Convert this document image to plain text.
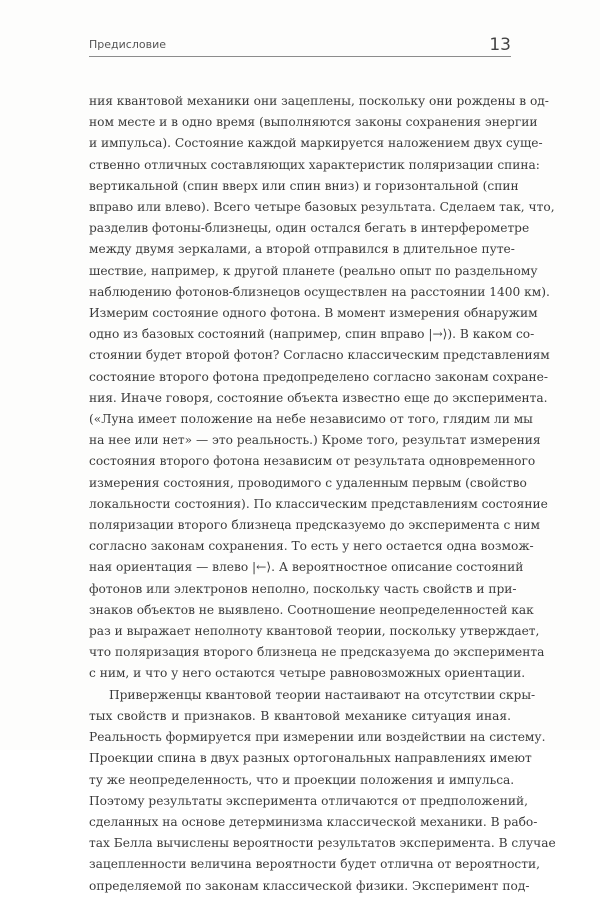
Предисловие	13

ния квантовой механики они зацеплены, поскольку они рождены в од-
ном месте и в одно время (выполняются законы сохранения энергии
и импульса). Состояние каждой маркируется наложением двух суще-
ственно отличных составляющих характеристик поляризации спина:
вертикальной (спин вверх или спин вниз) и горизонтальной (спин
вправо или влево). Всего четыре базовых результата. Сделаем так, что,
разделив фотоны-близнецы, один остался бегать в интерферометре
между двумя зеркалами, а второй отправился в длительное путе-
шествие, например, к другой планете (реально опыт по раздельному
наблюдению фотонов-близнецов осуществлен на расстоянии 1400 км).
Измерим состояние одного фотона. В момент измерения обнаружим
одно из базовых состояний (например, спин вправо |→⟩). В каком со-
стоянии будет второй фотон? Согласно классическим представлениям
состояние второго фотона предопределено согласно законам сохране-
ния. Иначе говоря, состояние объекта известно еще до эксперимента.
(«Луна имеет положение на небе независимо от того, глядим ли мы
на нее или нет» — это реальность.) Кроме того, результат измерения
состояния второго фотона независим от результата одновременного
измерения состояния, проводимого с удаленным первым (свойство
локальности состояния). По классическим представлениям состояние
поляризации второго близнеца предсказуемо до эксперимента с ним
согласно законам сохранения. То есть у него остается одна возмож-
ная ориентация — влево |←⟩. А вероятностное описание состояний
фотонов или электронов неполно, поскольку часть свойств и при-
знаков объектов не выявлено. Соотношение неопределенностей как
раз и выражает неполноту квантовой теории, поскольку утверждает,
что поляризация второго близнеца не предсказуема до эксперимента
с ним, и что у него остаются четыре равновозможных ориентации.

Приверженцы квантовой теории настаивают на отсутствии скры-
тых свойств и признаков. В квантовой механике ситуация иная.
Реальность формируется при измерении или воздействии на систему.
Проекции спина в двух разных ортогональных направлениях имеют
ту же неопределенность, что и проекции положения и импульса.
Поэтому результаты эксперимента отличаются от предположений,
сделанных на основе детерминизма классической механики. В рабо-
тах Белла вычислены вероятности результатов эксперимента. В случае
зацепленности величина вероятности будет отлична от вероятности,
определяемой по законам классической физики. Эксперимент под-
